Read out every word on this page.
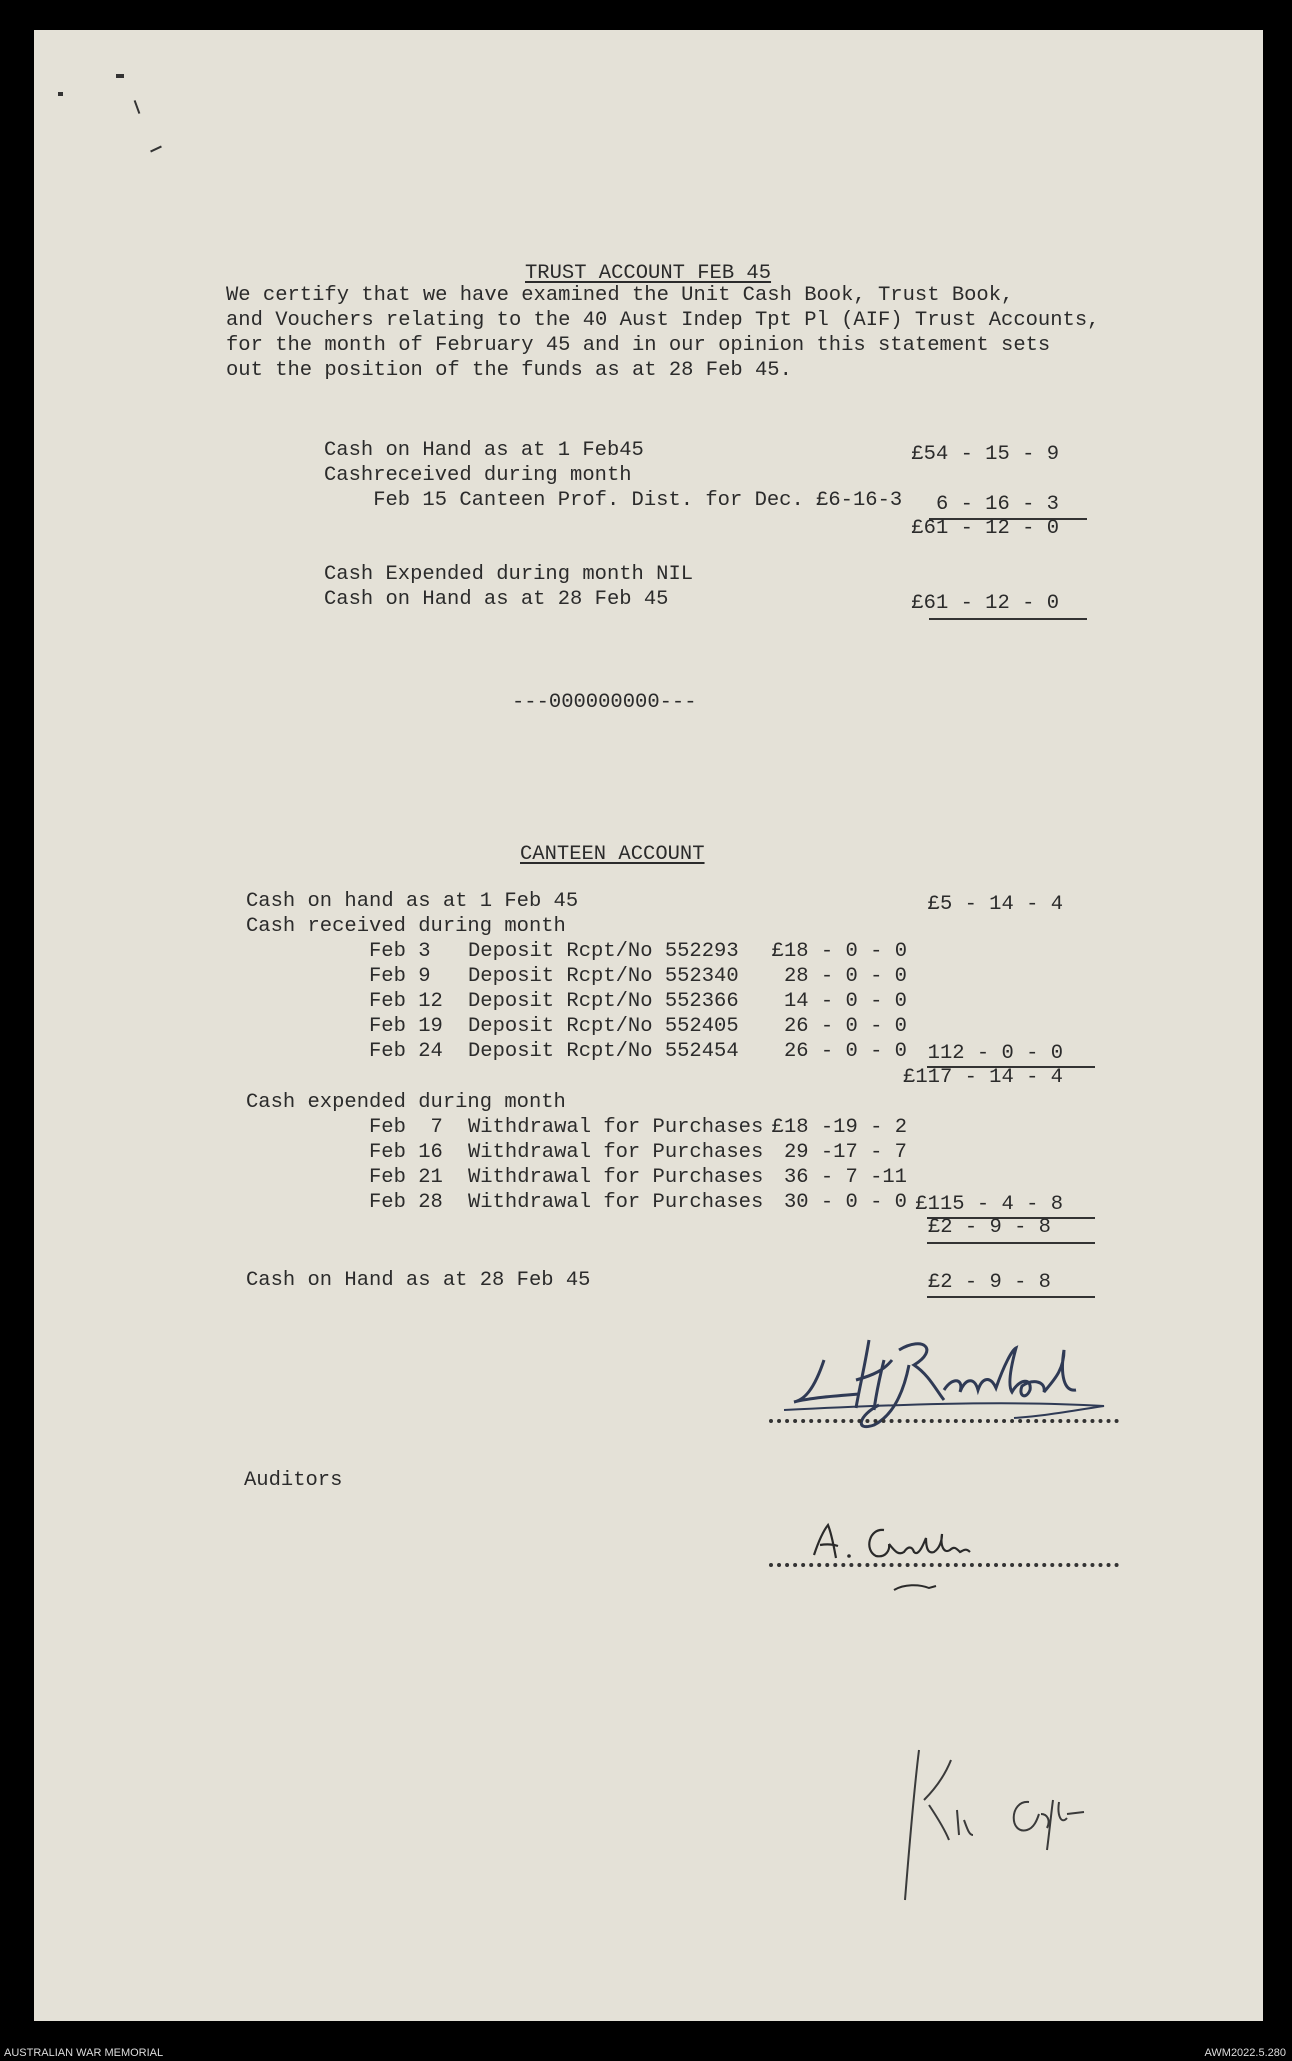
TRUST ACCOUNT FEB 45
We certify that we have examined the Unit Cash Book, Trust Book,
and Vouchers relating to the 40 Aust Indep Tpt Pl (AIF) Trust Accounts,
for the month of February 45 and in our opinion this statement sets
out the position of the funds as at 28 Feb 45.
Cash on Hand as at 1 Feb45	£54 - 15 - 9
Cashreceived during month
Feb 15 Canteen Prof. Dist. for Dec. £6-16-3 6 - 16 - 3
£61 - 12 - 0
Cash Expended during month NIL
Cash on Hand as at 28 Feb 45	£61 - 12 - 0
---000000000---
CANTEEN ACCOUNT
Cash on hand as at 1 Feb 45	£5 - 14 - 4
Cash received during month
Feb 3 Deposit Rcpt/No 552293 £18 - 0 - 0
Feb 9 Deposit Rcpt/No 552340 28 - 0 - 0
Feb 12 Deposit Rcpt/No 552366 14 - 0 - 0
Feb 19 Deposit Rcpt/No 552405 26 - 0 - 0
Feb 24 Deposit Rcpt/No 552454 26 - 0 - 0 112 - 0 - 0
£117 - 14 - 4
Cash expended during month
Feb  7 Withdrawal for Purchases £18 -19 - 2
Feb 16 Withdrawal for Purchases 29 -17 - 7
Feb 21 Withdrawal for Purchases 36 - 7 -11
Feb 28 Withdrawal for Purchases 30 - 0 - 0 £115 - 4 - 8
£2 - 9 - 8
Cash on Hand as at 28 Feb 45	£2 - 9 - 8
Auditors
AUSTRALIAN WAR MEMORIAL	AWM2022.5.280
